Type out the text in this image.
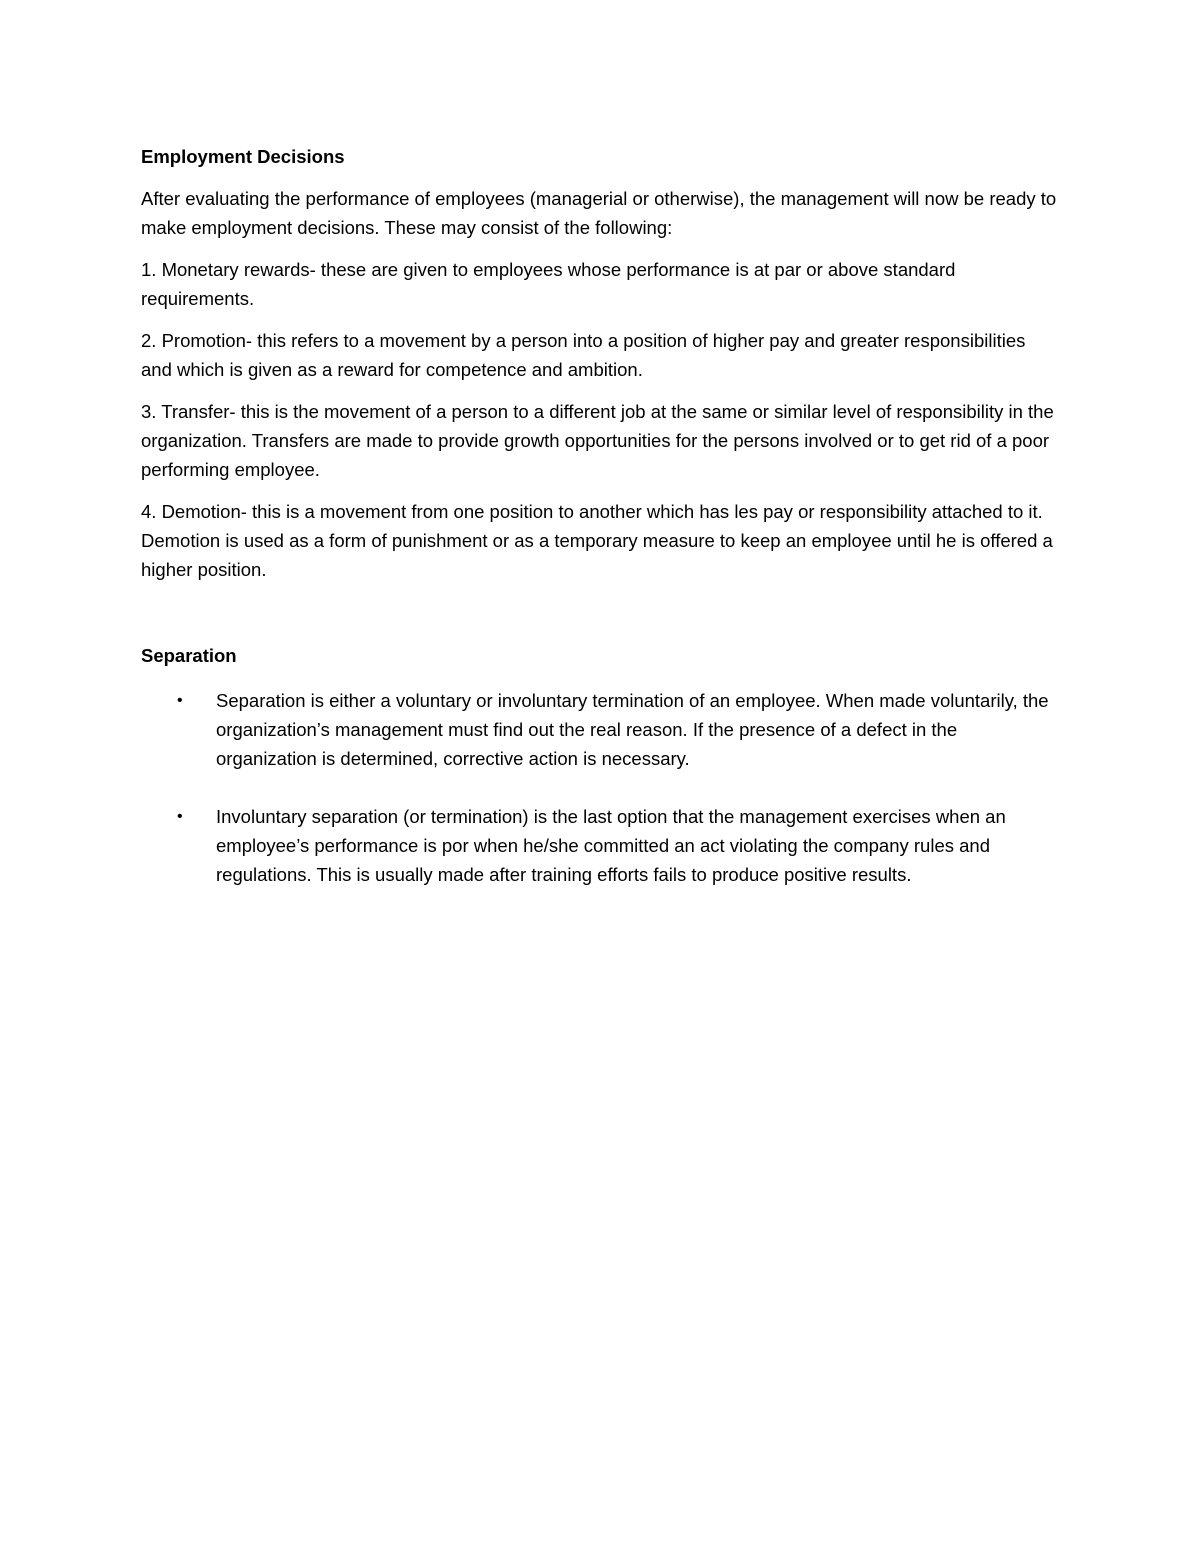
Employment Decisions
After evaluating the performance of employees (managerial or otherwise), the management will now be ready to make employment decisions. These may consist of the following:
1. Monetary rewards- these are given to employees whose performance is at par or above standard requirements.
2. Promotion- this refers to a movement by a person into a position of higher pay and greater responsibilities and which is given as a reward for competence and ambition.
3. Transfer- this is the movement of a person to a different job at the same or similar level of responsibility in the organization. Transfers are made to provide growth opportunities for the persons involved or to get rid of a poor performing employee.
4. Demotion- this is a movement from one position to another which has les pay or responsibility attached to it. Demotion is used as a form of punishment or as a temporary measure to keep an employee until he is offered a higher position.
Separation
• Separation is either a voluntary or involuntary termination of an employee. When made voluntarily, the organization’s management must find out the real reason. If the presence of a defect in the organization is determined, corrective action is necessary.
• Involuntary separation (or termination) is the last option that the management exercises when an employee’s performance is por when he/she committed an act violating the company rules and regulations. This is usually made after training efforts fails to produce positive results.
